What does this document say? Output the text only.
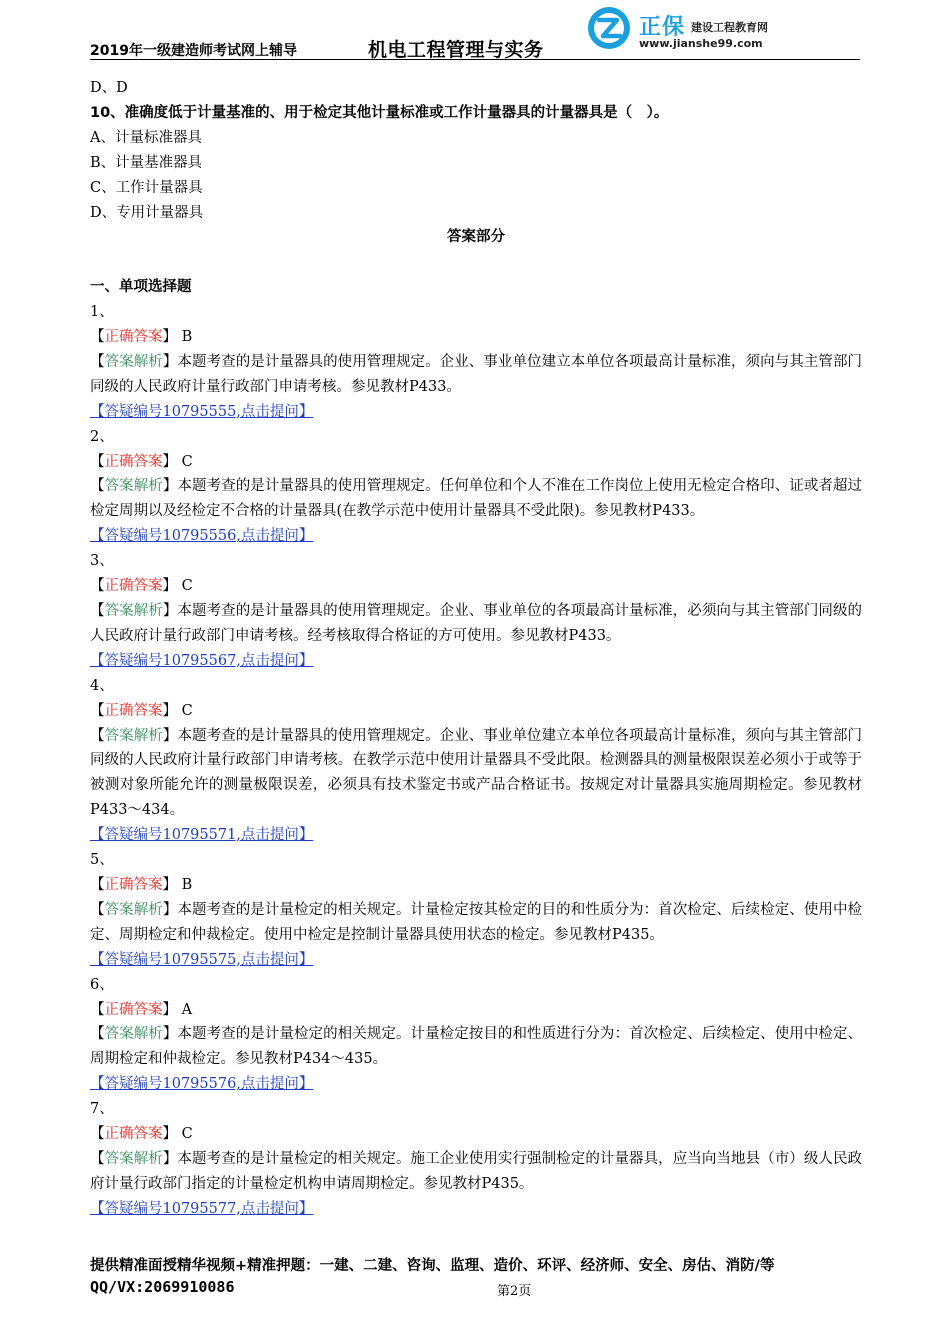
2019年一级建造师考试网上辅导	机电工程管理与实务
正保 建设工程教育网
www.jianshe99.com
D、D
10、准确度低于计量基准的、用于检定其他计量标准或工作计量器具的计量器具是（　）。
A、计量标准器具
B、计量基准器具
C、工作计量器具
D、专用计量器具
答案部分
一、单项选择题
1、
【正确答案】 B
【答案解析】本题考查的是计量器具的使用管理规定。企业、事业单位建立本单位各项最高计量标准，须向与其主管部门同级的人民政府计量行政部门申请考核。参见教材P433。
【答疑编号10795555,点击提问】
2、
【正确答案】 C
【答案解析】本题考查的是计量器具的使用管理规定。任何单位和个人不准在工作岗位上使用无检定合格印、证或者超过检定周期以及经检定不合格的计量器具(在教学示范中使用计量器具不受此限)。参见教材P433。
【答疑编号10795556,点击提问】
3、
【正确答案】 C
【答案解析】本题考查的是计量器具的使用管理规定。企业、事业单位的各项最高计量标准，必须向与其主管部门同级的人民政府计量行政部门申请考核。经考核取得合格证的方可使用。参见教材P433。
【答疑编号10795567,点击提问】
4、
【正确答案】 C
【答案解析】本题考查的是计量器具的使用管理规定。企业、事业单位建立本单位各项最高计量标准，须向与其主管部门同级的人民政府计量行政部门申请考核。在教学示范中使用计量器具不受此限。检测器具的测量极限误差必须小于或等于被测对象所能允许的测量极限误差，必须具有技术鉴定书或产品合格证书。按规定对计量器具实施周期检定。参见教材P433～434。
【答疑编号10795571,点击提问】
5、
【正确答案】 B
【答案解析】本题考查的是计量检定的相关规定。计量检定按其检定的目的和性质分为：首次检定、后续检定、使用中检定、周期检定和仲裁检定。使用中检定是控制计量器具使用状态的检定。参见教材P435。
【答疑编号10795575,点击提问】
6、
【正确答案】 A
【答案解析】本题考查的是计量检定的相关规定。计量检定按目的和性质进行分为：首次检定、后续检定、使用中检定、周期检定和仲裁检定。参见教材P434～435。
【答疑编号10795576,点击提问】
7、
【正确答案】 C
【答案解析】本题考查的是计量检定的相关规定。施工企业使用实行强制检定的计量器具，应当向当地县（市）级人民政府计量行政部门指定的计量检定机构申请周期检定。参见教材P435。
【答疑编号10795577,点击提问】
提供精准面授精华视频+精准押题：一建、二建、咨询、监理、造价、环评、经济师、安全、房估、消防/等
QQ/VX:2069910086	第2页
